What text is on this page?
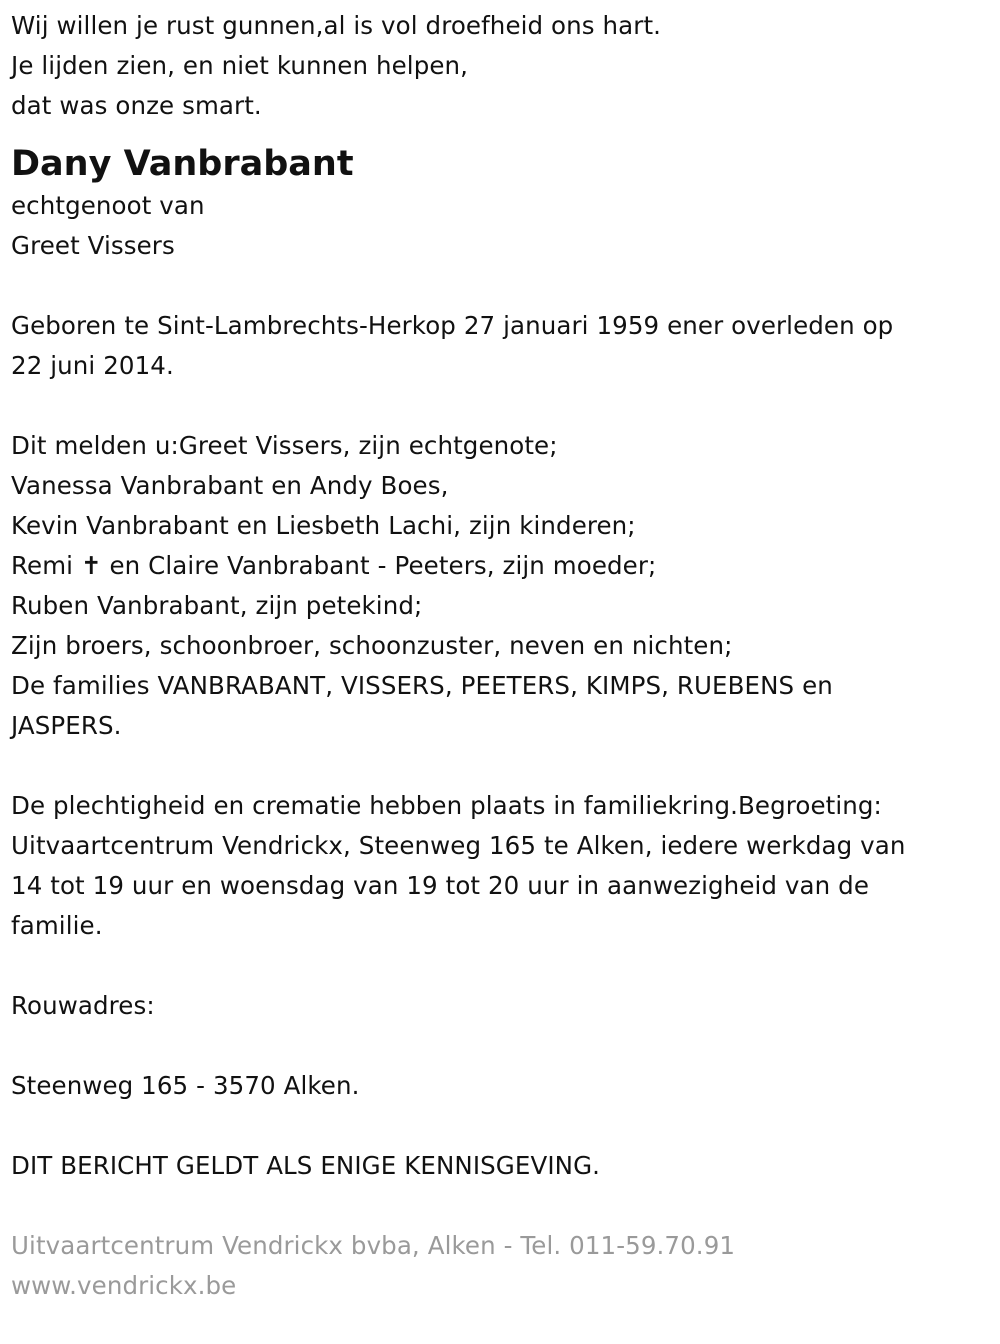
Wij willen je rust gunnen,al is vol droefheid ons hart.
Je lijden zien, en niet kunnen helpen,
dat was onze smart.
Dany Vanbrabant
echtgenoot van
Greet Vissers
Geboren te Sint-Lambrechts-Herkop 27 januari 1959 ener overleden op
22 juni 2014.
Dit melden u:Greet Vissers, zijn echtgenote;
Vanessa Vanbrabant en Andy Boes,
Kevin Vanbrabant en Liesbeth Lachi, zijn kinderen;
Remi ✝ en Claire Vanbrabant - Peeters, zijn moeder;
Ruben Vanbrabant, zijn petekind;
Zijn broers, schoonbroer, schoonzuster, neven en nichten;
De families VANBRABANT, VISSERS, PEETERS, KIMPS, RUEBENS en
JASPERS.
De plechtigheid en crematie hebben plaats in familiekring.Begroeting:
Uitvaartcentrum Vendrickx, Steenweg 165 te Alken, iedere werkdag van
14 tot 19 uur en woensdag van 19 tot 20 uur in aanwezigheid van de
familie.
Rouwadres:
Steenweg 165 - 3570 Alken.
DIT BERICHT GELDT ALS ENIGE KENNISGEVING.
Uitvaartcentrum Vendrickx bvba, Alken - Tel. 011-59.70.91
www.vendrickx.be
